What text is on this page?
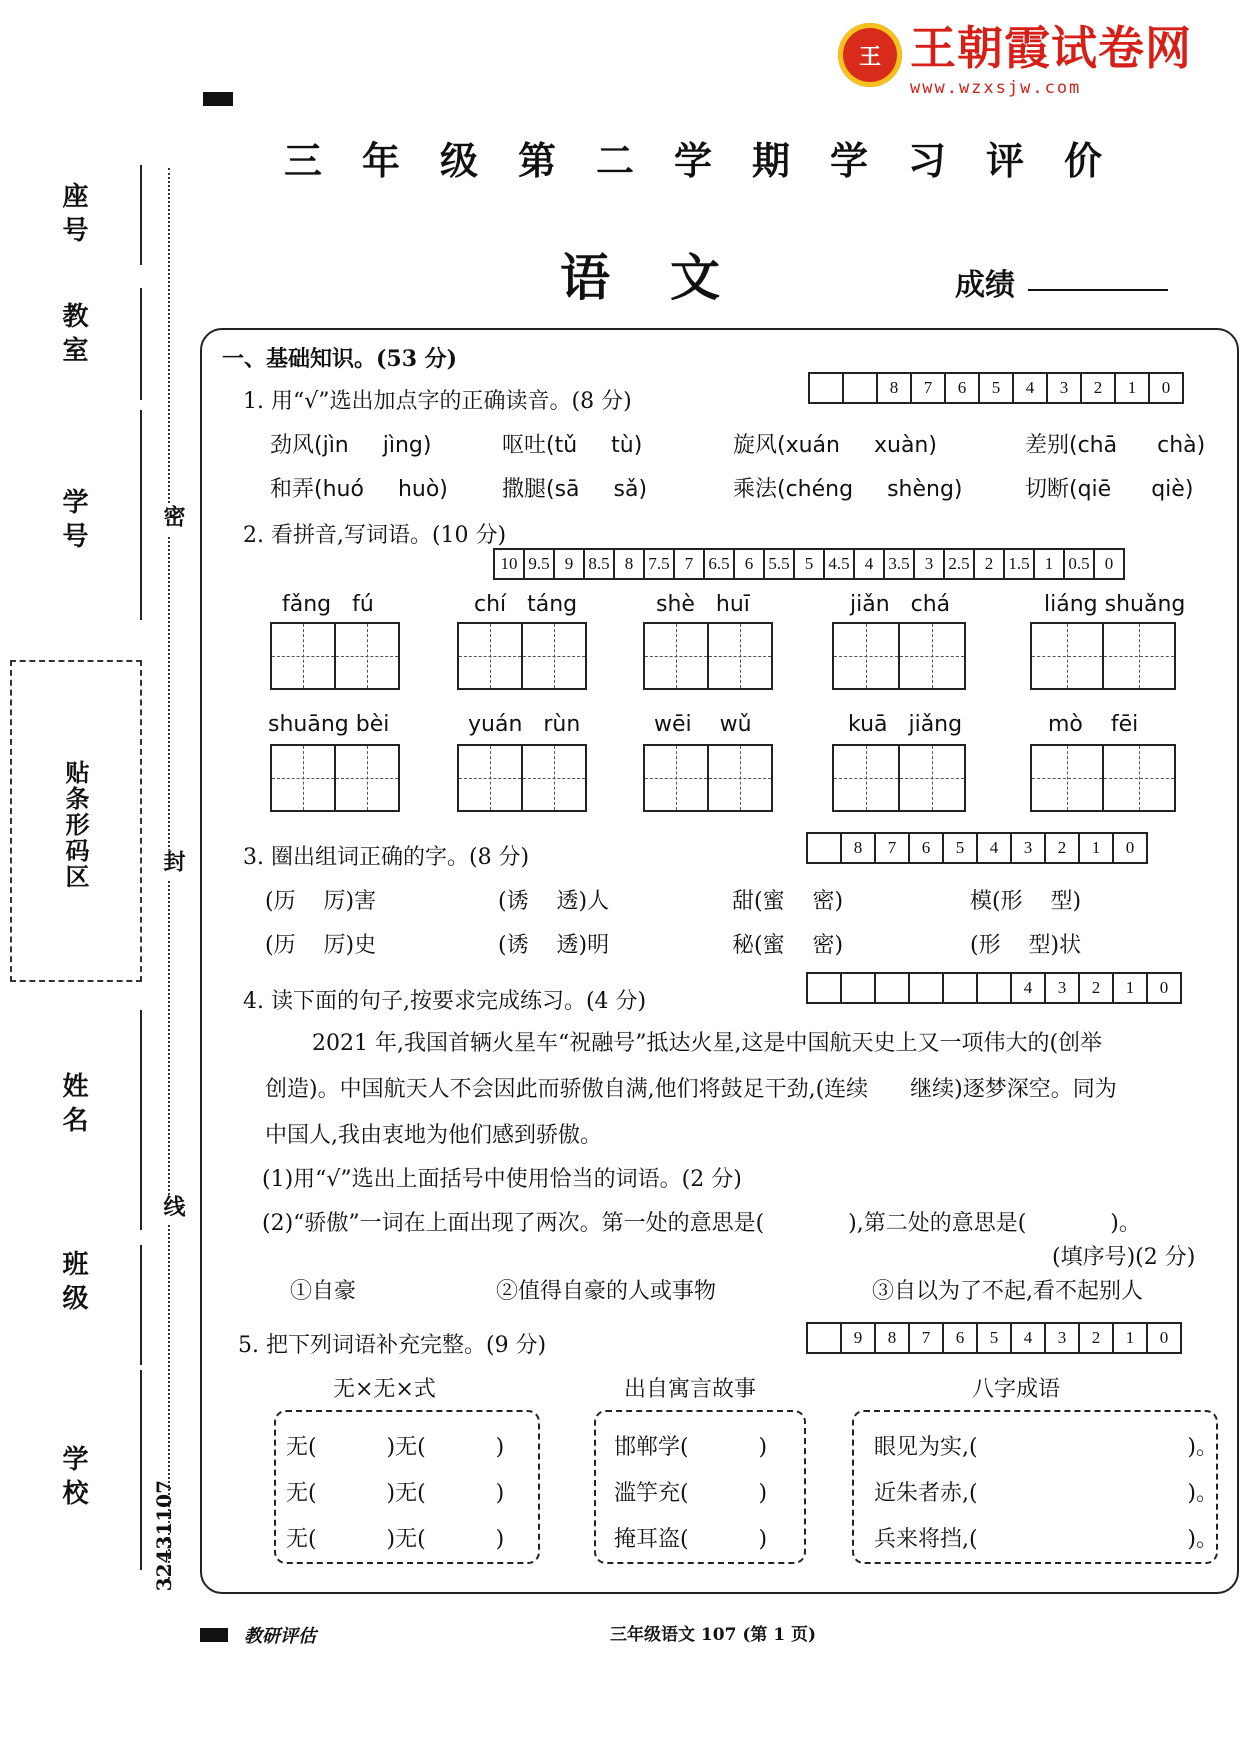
王 王朝霞试卷网
www.wzxsjw.com
三年级第二学期学习评价
语文	成绩
座号
教室
学号
贴条形码区
姓名
班级
学校
密
封
线
32431107
一、基础知识。(53 分)
1. 用“√”选出加点字的正确读音。(8 分)
8	7	6	5	4	3	2	1	0
劲风(jìn jìng)	呕吐(tǔ tù)	旋风(xuán xuàn)	差别(chā chà)
和弄(huó huò) 撒腿(sā sǎ)	乘法(chéng shèng)	切断(qiē qiè)
2. 看拼音,写词语。(10 分)
10 9.5 9 8.5 8 7.5 7 6.5 6 5.5 5 4.5 4 3.5 3 2.5 2 1.5 1 0.5 0
fǎng   fú	chí   táng	shè   huī	jiǎn   chá	liáng shuǎng
shuāng bèi	yuán   rùn	wēi    wǔ	kuā   jiǎng	mò    fēi
3. 圈出组词正确的字。(8 分)	8	7	6	5	4	3	2	1	0
(历    厉)害	(诱    透)人	甜(蜜    密)	模(形    型)
(历    厉)史	(诱    透)明	秘(蜜    密)	(形    型)状
4. 读下面的句子,按要求完成练习。(4 分)
4	3	2	1	0
2021 年,我国首辆火星车“祝融号”抵达火星,这是中国航天史上又一项伟大的(创举
创造)。中国航天人不会因此而骄傲自满,他们将鼓足干劲,(连续      继续)逐梦深空。同为
中国人,我由衷地为他们感到骄傲。
(1)用“√”选出上面括号中使用恰当的词语。(2 分)
(2)“骄傲”一词在上面出现了两次。第一处的意思是(            ),第二处的意思是(            )。
(填序号)(2 分)
①自豪	②值得自豪的人或事物	③自以为了不起,看不起别人
5. 把下列词语补充完整。(9 分)	9	8	7	6	5	4	3	2	1	0
无×无×式	出自寓言故事	八字成语
无(          )无(          )
无(          )无(          )
无(          )无(          )
邯郸学(          )
滥竽充(          )
掩耳盗(          )
眼见为实,(                              )。
近朱者赤,(                              )。
兵来将挡,(                              )。
教研评估	三年级语文 107 (第 1 页)
